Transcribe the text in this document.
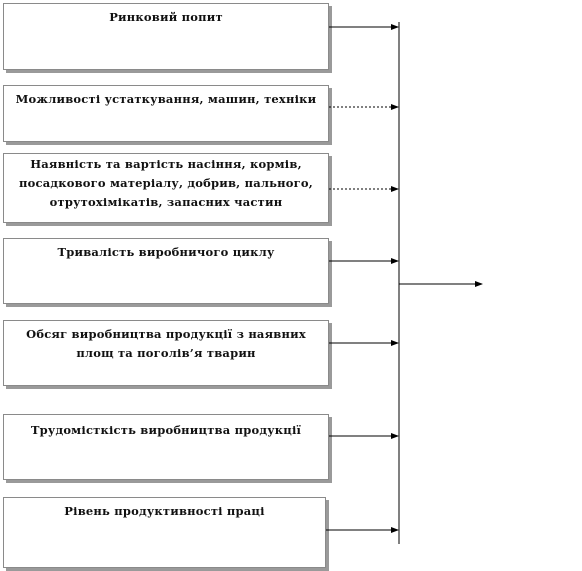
Ринковий попит
Можливості устаткування, машин, техніки
Наявність та вартість насіння, кормів, посадкового матеріалу, добрив, пального, отрутохімікатів, запасних частин
Тривалість виробничого циклу
Обсяг виробництва продукції з наявних площ та поголів’я тварин
Трудомісткість виробництва продукції
Рівень продуктивності праці
